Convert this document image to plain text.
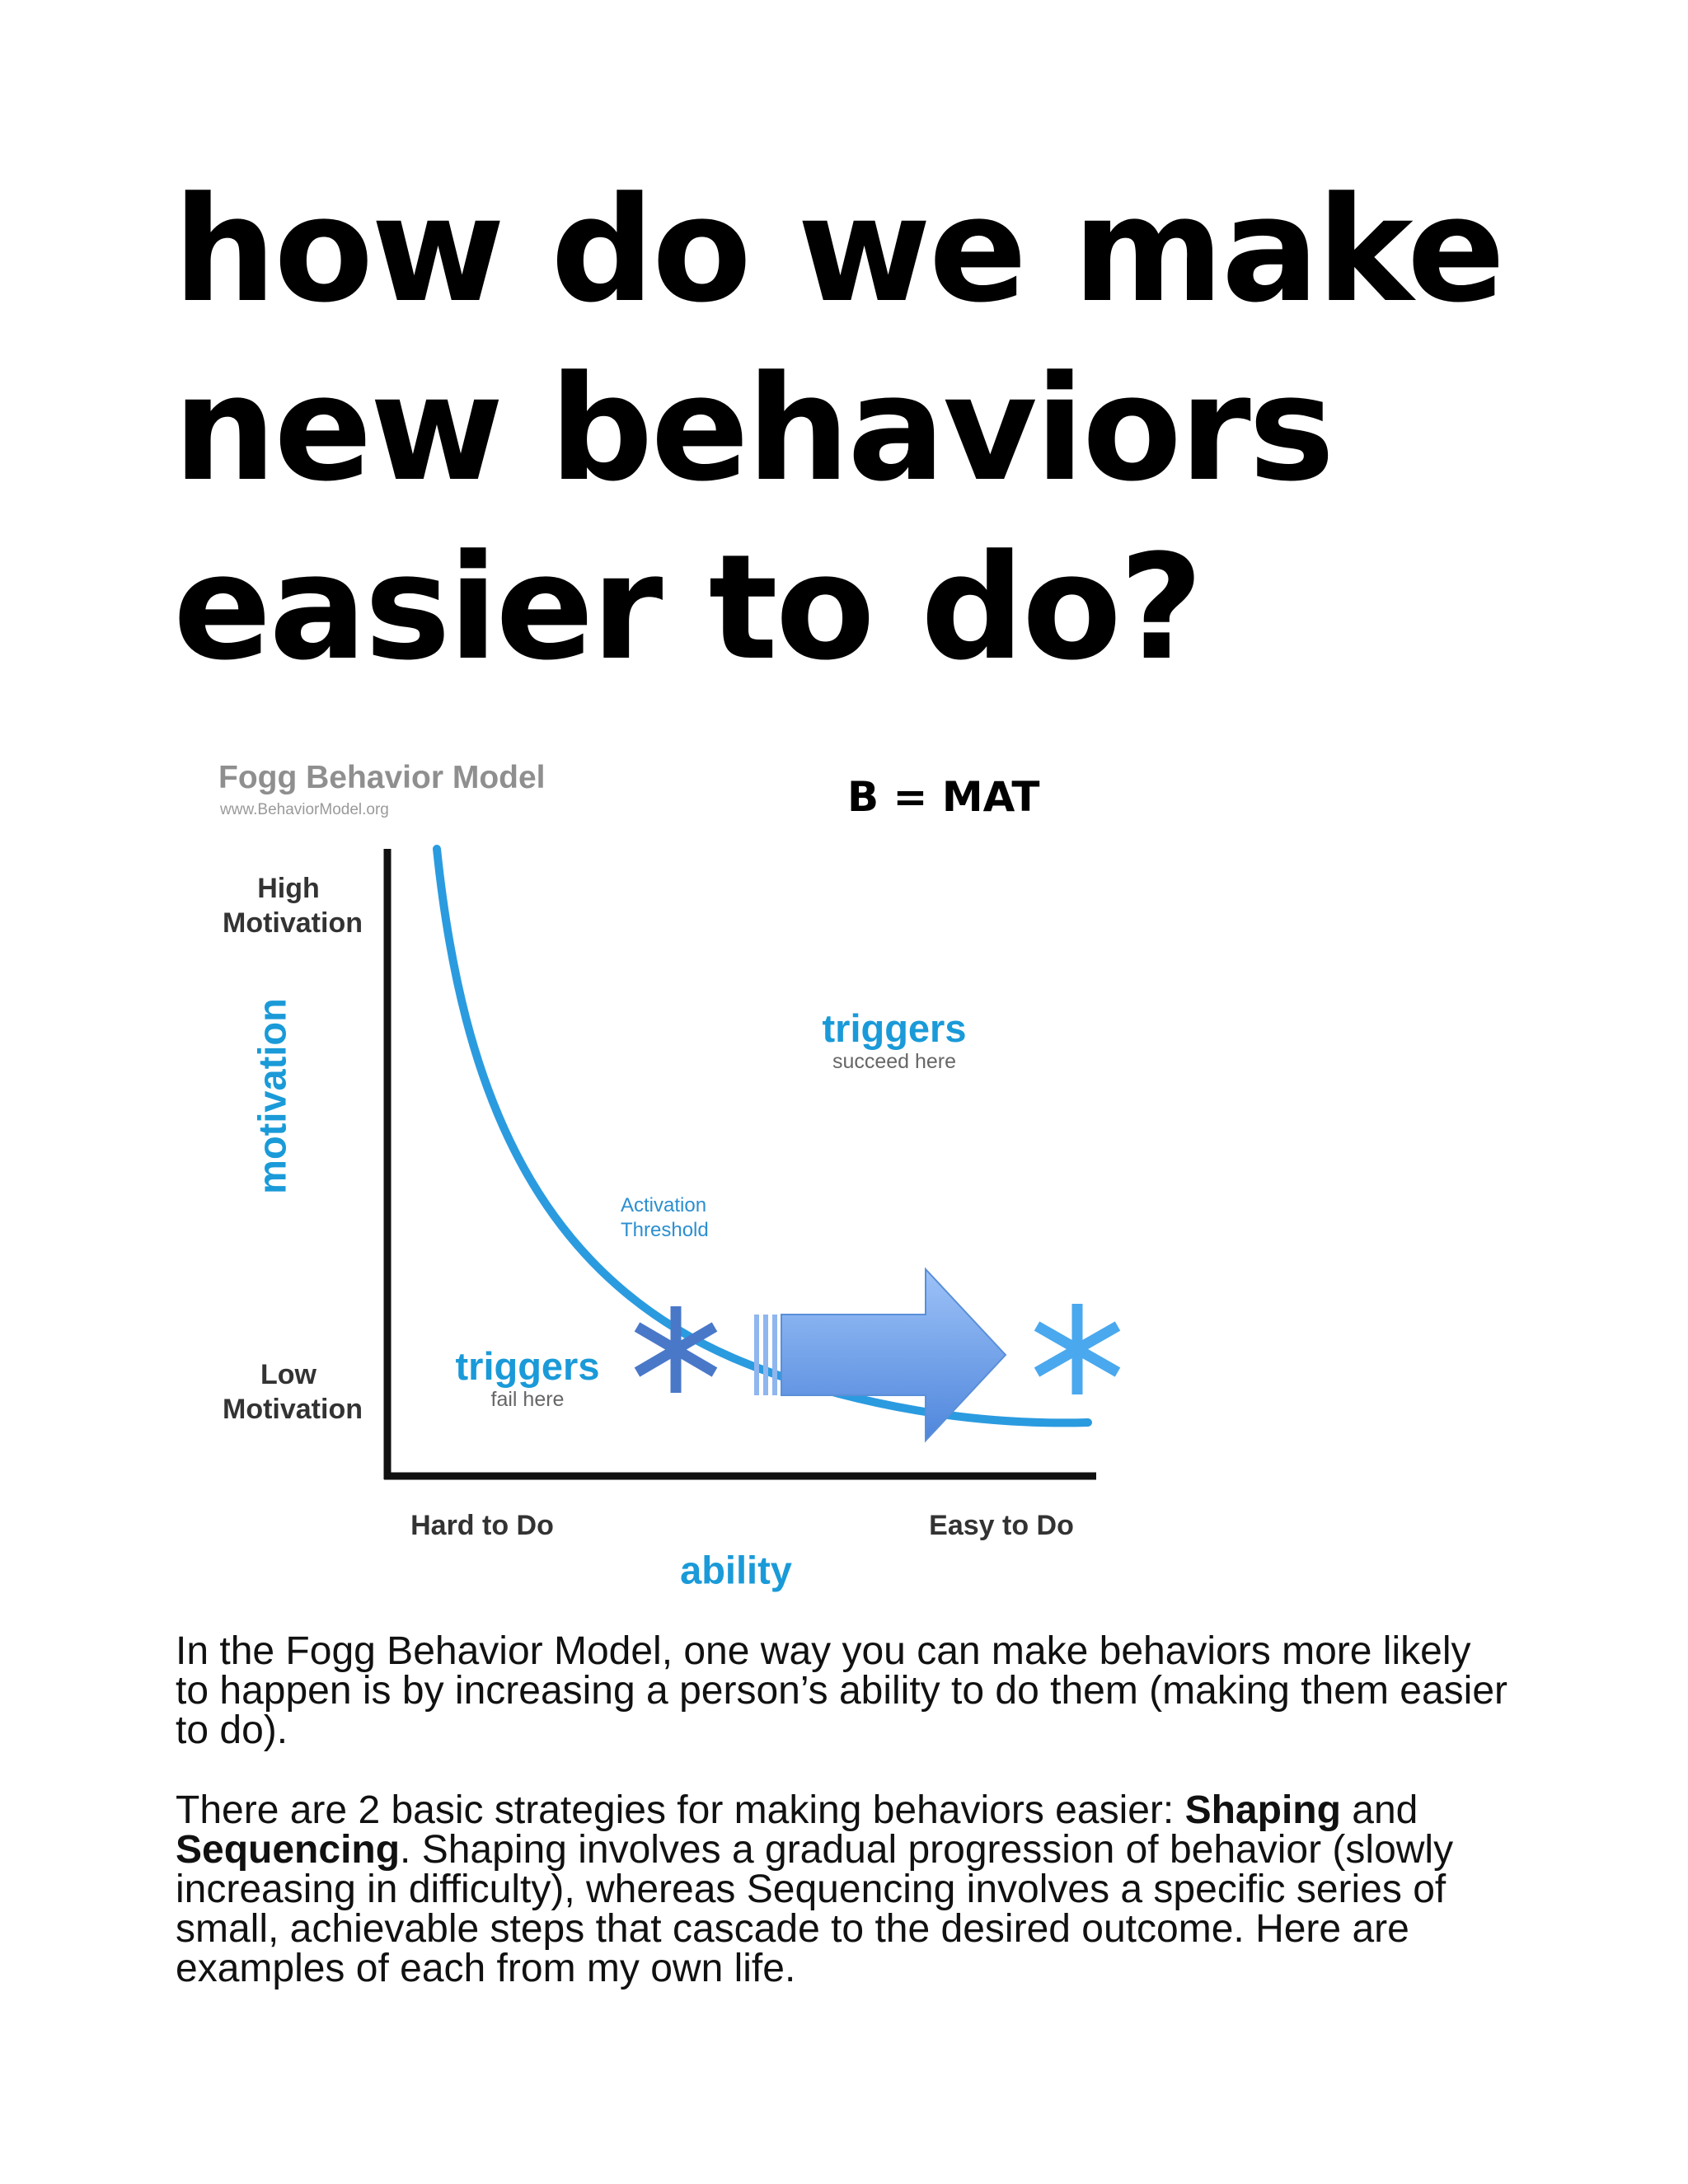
how do we make
new behaviors
easier to do?
Fogg Behavior Model
www.BehaviorModel.org	B = MAT
High
Motivation
Low
Motivation
motivation
Hard to Do	Easy to Do
ability
triggers
succeed here
triggers
fail here
Activation
Threshold

In the Fogg Behavior Model, one way you can make behaviors more likely to happen is by increasing a person’s ability to do them (making them easier to do).

There are 2 basic strategies for making behaviors easier: Shaping and Sequencing. Shaping involves a gradual progression of behavior (slowly increasing in difficulty), whereas Sequencing involves a specific series of small, achievable steps that cascade to the desired outcome. Here are examples of each from my own life.
